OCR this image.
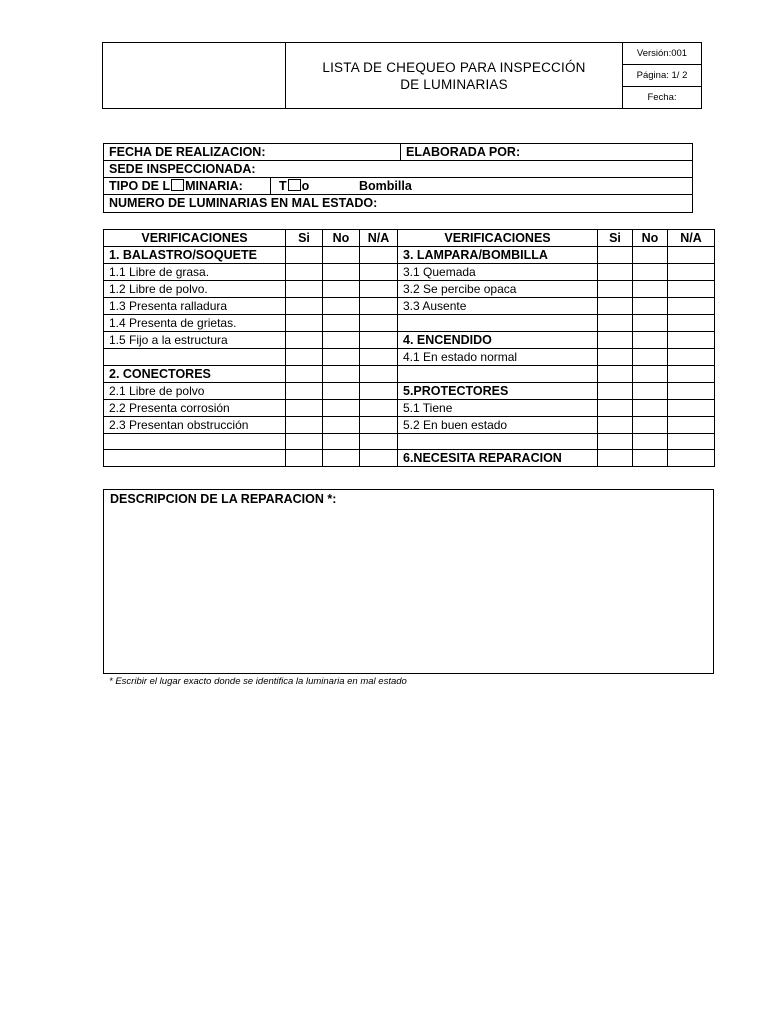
LISTA DE CHEQUEO PARA INSPECCIÓN
DE LUMINARIAS
Versión:001
Página: 1/ 2
Fecha:
FECHA DE REALIZACION:	ELABORADA POR:
SEDE INSPECCIONADA:
TIPO DE L MINARIA:	T o	Bombilla
NUMERO DE LUMINARIAS EN MAL ESTADO:
VERIFICACIONES	Si	No	N/A	VERIFICACIONES	Si	No	N/A
1. BALASTRO/SOQUETE				3. LAMPARA/BOMBILLA			
1.1 Libre de grasa.				3.1 Quemada			
1.2 Libre de polvo.				3.2 Se percibe opaca			
1.3 Presenta ralladura				3.3 Ausente			
1.4 Presenta de grietas.							
1.5 Fijo a la estructura				4. ENCENDIDO			
				4.1 En estado normal			
2. CONECTORES							
2.1 Libre de polvo				5.PROTECTORES			
2.2 Presenta corrosión				5.1 Tiene			
2.3 Presentan obstrucción				5.2 En buen estado			

				6.NECESITA REPARACION			
DESCRIPCION DE LA REPARACION *:
* Escribir el lugar exacto donde se identifica la luminaria en mal estado
